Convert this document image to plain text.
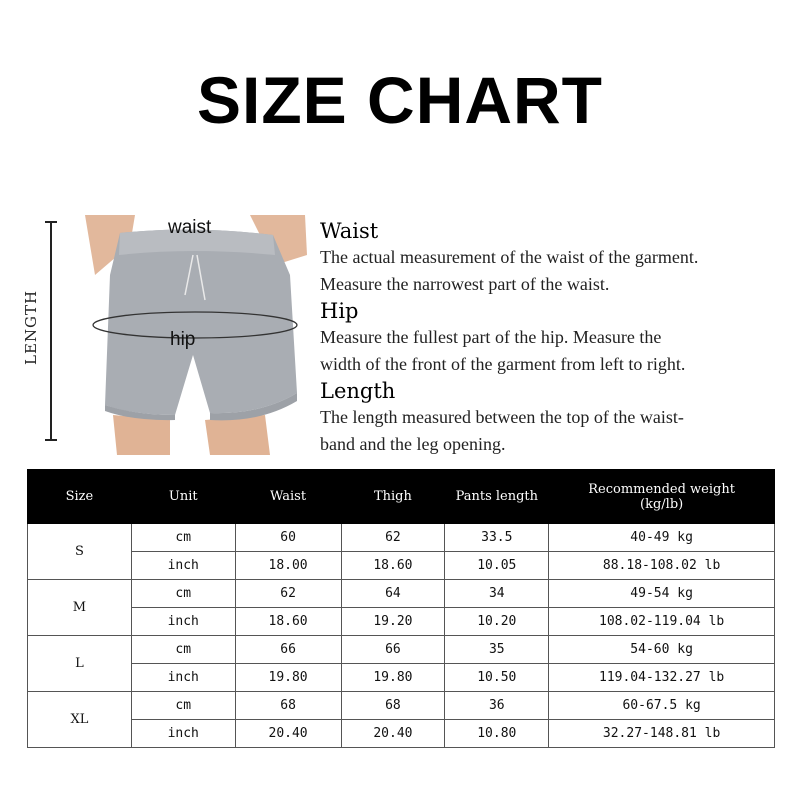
SIZE CHART
LENGTH
waist
hip
Waist
The actual measurement of the waist of the garment.
Measure the narrowest part of the waist.
Hip
Measure the fullest part of the hip. Measure the
width of the front of the garment from left to right.
Length
The length measured between the top of the waist-
band and the leg opening.
Size	Unit	Waist	Thigh	Pants length	Recommended weight
(kg/lb)

S	cm	60	62	33.5	40-49 kg
	inch	18.00	18.60	10.05	88.18-108.02 lb
M	cm	62	64	34	49-54 kg
	inch	18.60	19.20	10.20	108.02-119.04 lb
L	cm	66	66	35	54-60 kg
	inch	19.80	19.80	10.50	119.04-132.27 lb
XL	cm	68	68	36	60-67.5 kg
	inch	20.40	20.40	10.80	32.27-148.81 lb
